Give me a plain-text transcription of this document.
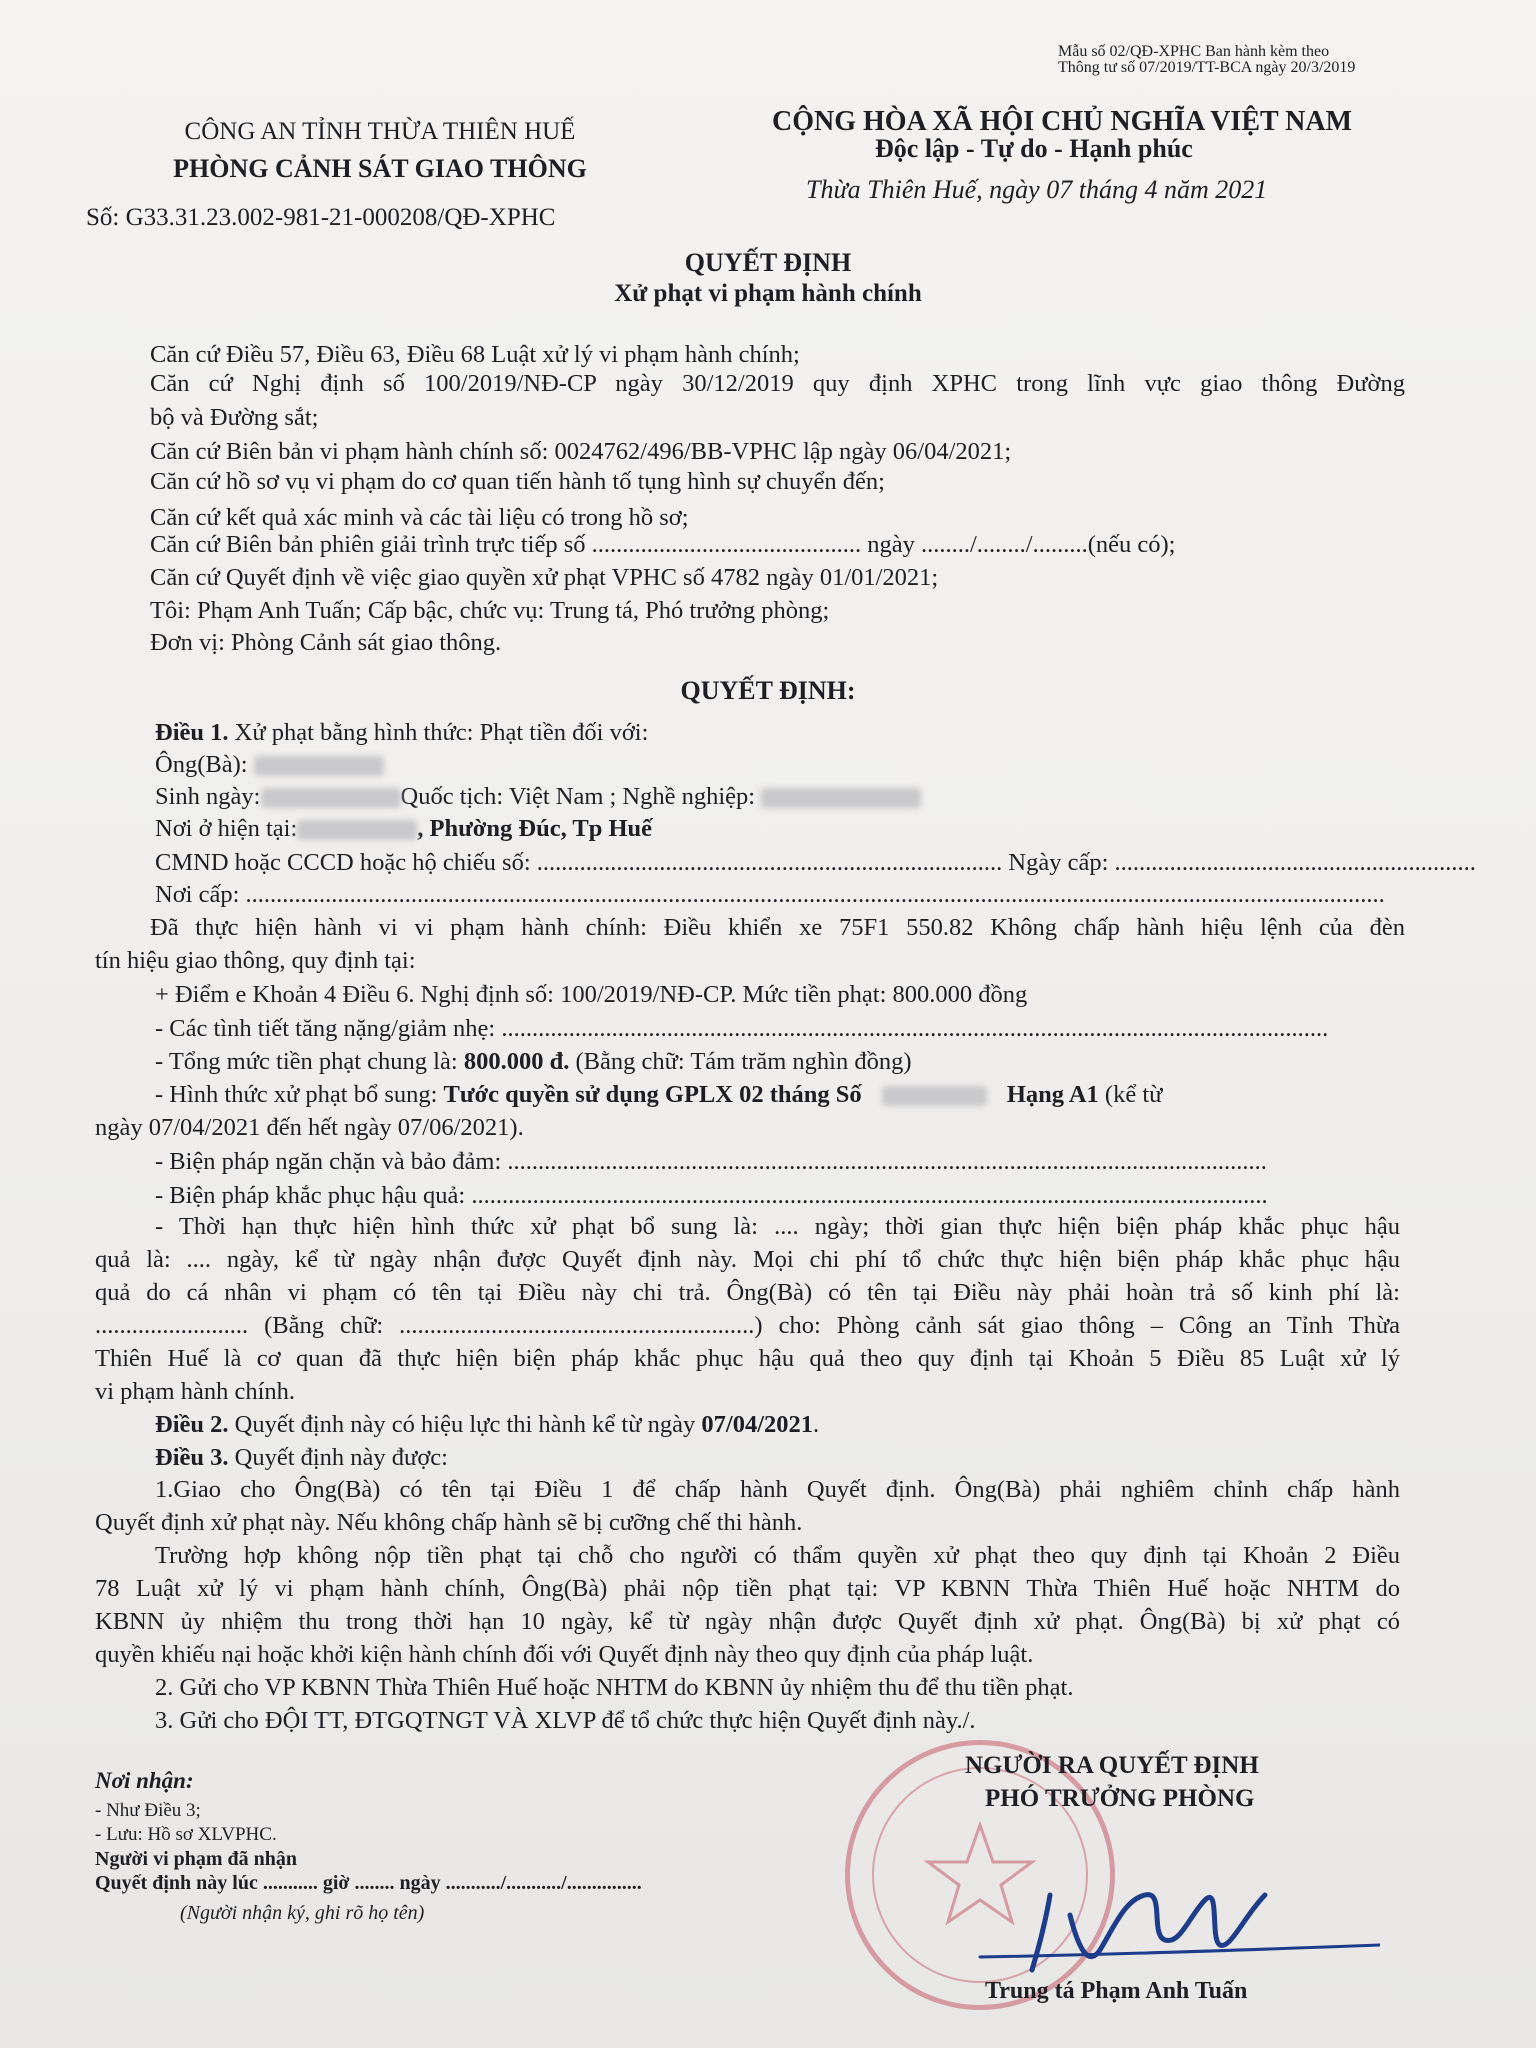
Mẫu số 02/QĐ-XPHC Ban hành kèm theo
Thông tư số 07/2019/TT-BCA ngày 20/3/2019
CÔNG AN TỈNH THỪA THIÊN HUẾ
PHÒNG CẢNH SÁT GIAO THÔNG
Số: G33.31.23.002-981-21-000208/QĐ-XPHC
CỘNG HÒA XÃ HỘI CHỦ NGHĨA VIỆT NAM
Độc lập - Tự do - Hạnh phúc
Thừa Thiên Huế, ngày 07 tháng 4 năm 2021
QUYẾT ĐỊNH
Xử phạt vi phạm hành chính
Căn cứ Điều 57, Điều 63, Điều 68 Luật xử lý vi phạm hành chính;
Căn cứ Nghị định số 100/2019/NĐ-CP ngày 30/12/2019 quy định XPHC trong lĩnh vực giao thông Đường
bộ và Đường sắt;
Căn cứ Biên bản vi phạm hành chính số: 0024762/496/BB-VPHC lập ngày 06/04/2021;
Căn cứ hồ sơ vụ vi phạm do cơ quan tiến hành tố tụng hình sự chuyển đến;
Căn cứ kết quả xác minh và các tài liệu có trong hồ sơ;
Căn cứ Biên bản phiên giải trình trực tiếp số ............................................ ngày ......../......../.........(nếu có);
Căn cứ Quyết định về việc giao quyền xử phạt VPHC số 4782 ngày 01/01/2021;
Tôi: Phạm Anh Tuấn; Cấp bậc, chức vụ: Trung tá, Phó trưởng phòng;
Đơn vị: Phòng Cảnh sát giao thông.
QUYẾT ĐỊNH:
Điều 1. Xử phạt bằng hình thức: Phạt tiền đối với:
Ông(Bà):
Sinh ngày:	Quốc tịch: Việt Nam ; Nghề nghiệp:
Nơi ở hiện tại:	, Phường Đúc, Tp Huế
CMND hoặc CCCD hoặc hộ chiếu số: ............................................................................ Ngày cấp: ...........................................................
Nơi cấp: ..........................................................................................................................................................................................
Đã thực hiện hành vi vi phạm hành chính: Điều khiển xe 75F1 550.82 Không chấp hành hiệu lệnh của đèn
tín hiệu giao thông, quy định tại:
+ Điểm e Khoản 4 Điều 6. Nghị định số: 100/2019/NĐ-CP. Mức tiền phạt: 800.000 đồng
- Các tình tiết tăng nặng/giảm nhẹ: .......................................................................................................................................
- Tổng mức tiền phạt chung là: 800.000 đ. (Bằng chữ: Tám trăm nghìn đồng)
- Hình thức xử phạt bổ sung: Tước quyền sử dụng GPLX 02 tháng Số	Hạng A1 (kể từ
ngày 07/04/2021 đến hết ngày 07/06/2021).
- Biện pháp ngăn chặn và bảo đảm: ............................................................................................................................
- Biện pháp khắc phục hậu quả: ..................................................................................................................................
- Thời hạn thực hiện hình thức xử phạt bổ sung là: .... ngày; thời gian thực hiện biện pháp khắc phục hậu
quả là: .... ngày, kể từ ngày nhận được Quyết định này. Mọi chi phí tổ chức thực hiện biện pháp khắc phục hậu
quả do cá nhân vi phạm có tên tại Điều này chi trả. Ông(Bà) có tên tại Điều này phải hoàn trả số kinh phí là:
......................... (Bằng chữ: ..........................................................) cho: Phòng cảnh sát giao thông – Công an Tỉnh Thừa
Thiên Huế là cơ quan đã thực hiện biện pháp khắc phục hậu quả theo quy định tại Khoản 5 Điều 85 Luật xử lý
vi phạm hành chính.
Điều 2. Quyết định này có hiệu lực thi hành kể từ ngày 07/04/2021.
Điều 3. Quyết định này được:
1.Giao cho Ông(Bà) có tên tại Điều 1 để chấp hành Quyết định. Ông(Bà) phải nghiêm chỉnh chấp hành
Quyết định xử phạt này. Nếu không chấp hành sẽ bị cưỡng chế thi hành.
Trường hợp không nộp tiền phạt tại chỗ cho người có thẩm quyền xử phạt theo quy định tại Khoản 2 Điều
78 Luật xử lý vi phạm hành chính, Ông(Bà) phải nộp tiền phạt tại: VP KBNN Thừa Thiên Huế hoặc NHTM do
KBNN ủy nhiệm thu trong thời hạn 10 ngày, kể từ ngày nhận được Quyết định xử phạt. Ông(Bà) bị xử phạt có
quyền khiếu nại hoặc khởi kiện hành chính đối với Quyết định này theo quy định của pháp luật.
2. Gửi cho VP KBNN Thừa Thiên Huế hoặc NHTM do KBNN ủy nhiệm thu để thu tiền phạt.
3. Gửi cho ĐỘI TT, ĐTGQTNGT VÀ XLVP để tổ chức thực hiện Quyết định này./.
Nơi nhận:
- Như Điều 3;
- Lưu: Hồ sơ XLVPHC.
Người vi phạm đã nhận
Quyết định này lúc ........... giờ ........ ngày .........../.........../...............
(Người nhận ký, ghi rõ họ tên)
NGƯỜI RA QUYẾT ĐỊNH
PHÓ TRƯỞNG PHÒNG
Trung tá Phạm Anh Tuấn
